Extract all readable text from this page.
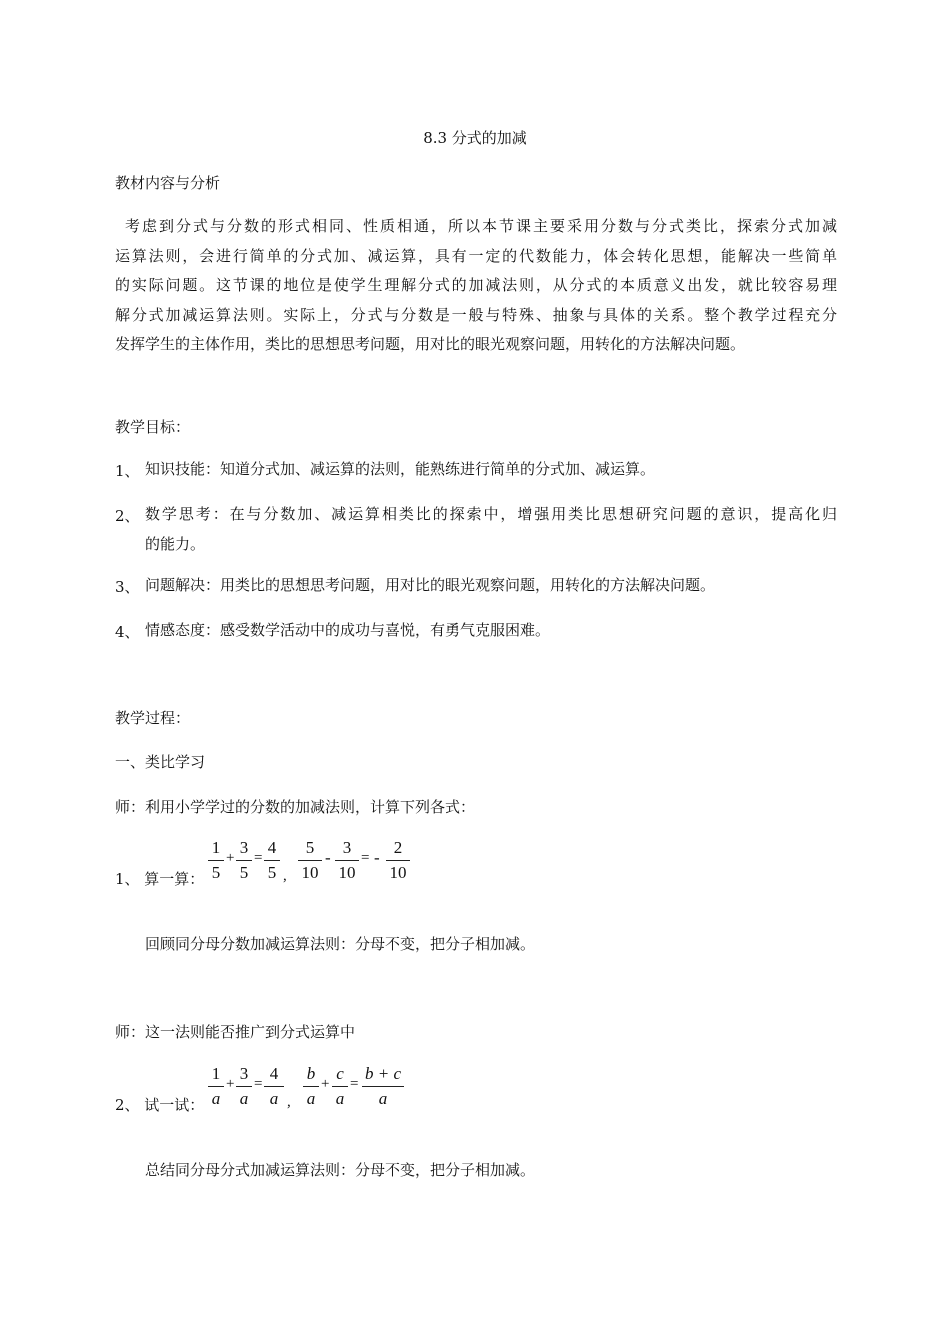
8.3 分式的加减
教材内容与分析
考虑到分式与分数的形式相同、性质相通，所以本节课主要采用分数与分式类比，探索分式加减
运算法则，会进行简单的分式加、减运算，具有一定的代数能力，体会转化思想，能解决一些简单
的实际问题。这节课的地位是使学生理解分式的加减法则，从分式的本质意义出发，就比较容易理
解分式加减运算法则。实际上，分式与分数是一般与特殊、抽象与具体的关系。整个教学过程充分
发挥学生的主体作用，类比的思想思考问题，用对比的眼光观察问题，用转化的方法解决问题。
教学目标：
1、 知识技能：知道分式加、减运算的法则，能熟练进行简单的分式加、减运算。
2、 数学思考：在与分数加、减运算相类比的探索中，增强用类比思想研究问题的意识，提高化归
的能力。
3、 问题解决：用类比的思想思考问题，用对比的眼光观察问题，用转化的方法解决问题。
4、 情感态度：感受数学活动中的成功与喜悦，有勇气克服困难。
教学过程：
一、类比学习
师：利用小学学过的分数的加减法则，计算下列各式：
1、 算一算：
1
5
+
3
5
=
4
5 ,
5
10
-
3
10
= -
2
10
回顾同分母分数加减运算法则：分母不变，把分子相加减。
师：这一法则能否推广到分式运算中
2、 试一试：
1
a
+
3
a
=
4
a ,
b
a
+
c
a
=
b + c
a
总结同分母分式加减运算法则：分母不变，把分子相加减。
